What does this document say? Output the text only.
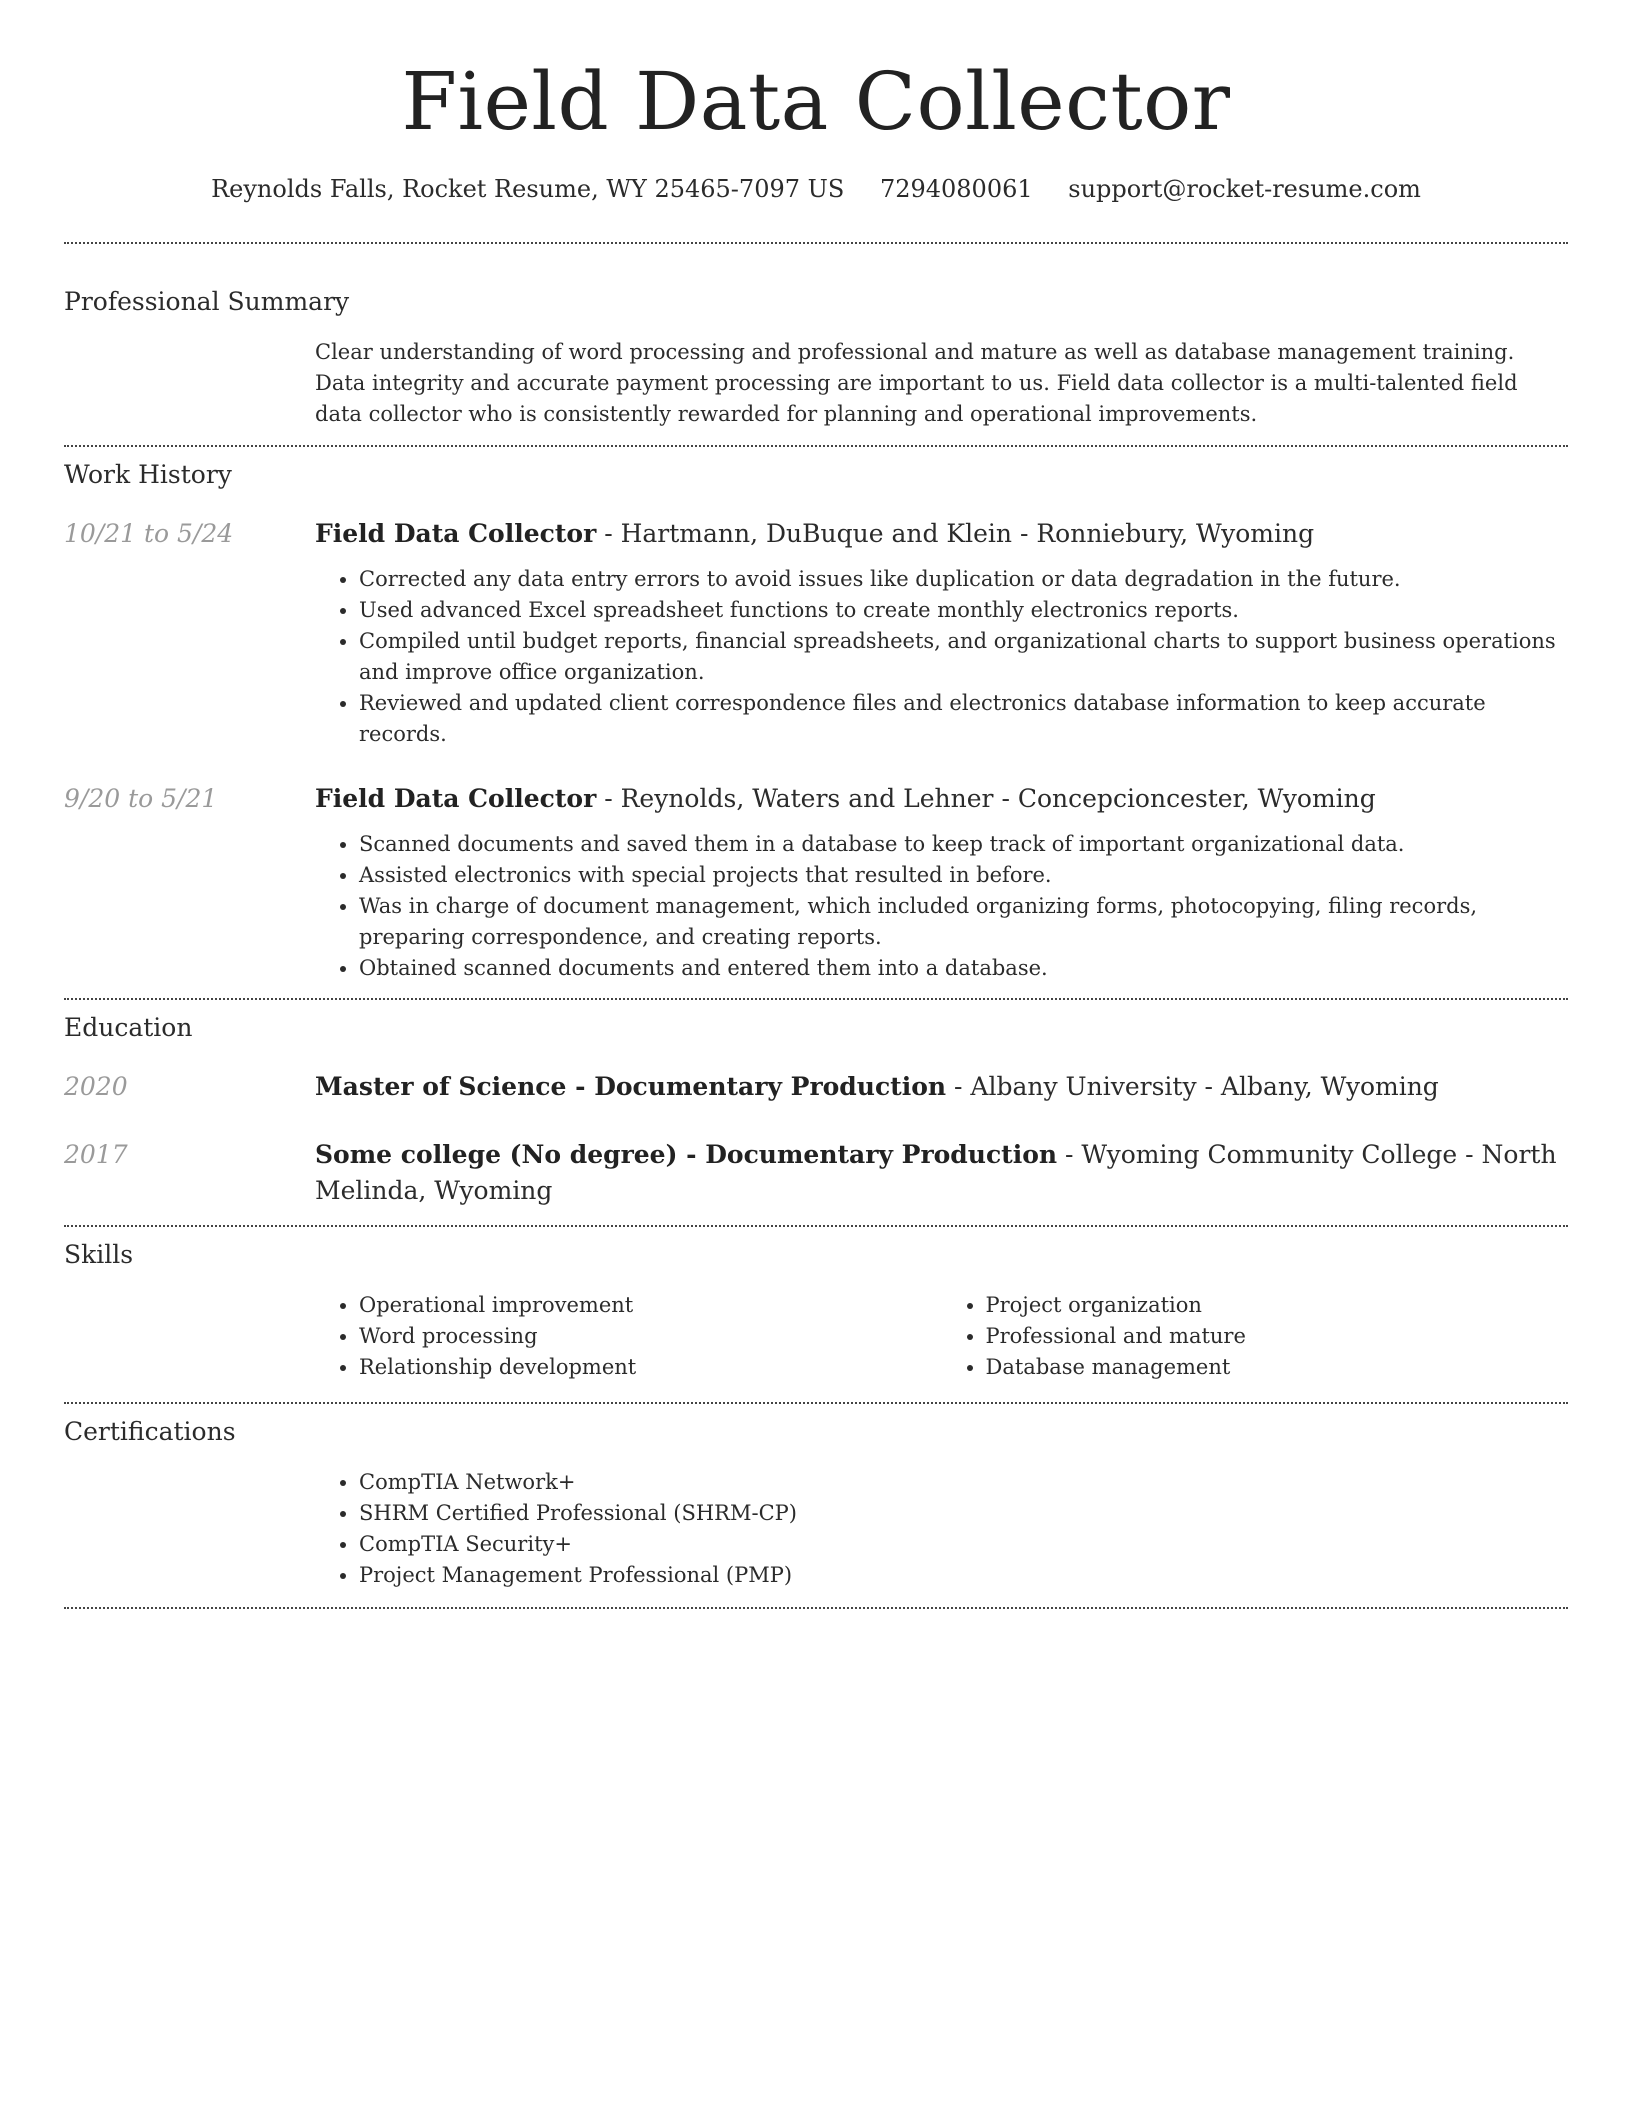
Field Data Collector
Reynolds Falls, Rocket Resume, WY 25465-7097 US 7294080061 support@rocket-resume.com
Professional Summary

Clear understanding of word processing and professional and mature as well as database management training. Data integrity and accurate payment processing are important to us. Field data collector is a multi-talented field data collector who is consistently rewarded for planning and operational improvements.

Work History
10/21 to 5/24	Field Data Collector - Hartmann, DuBuque and Klein - Ronniebury, Wyoming
• Corrected any data entry errors to avoid issues like duplication or data degradation in the future.
• Used advanced Excel spreadsheet functions to create monthly electronics reports.
• Compiled until budget reports, financial spreadsheets, and organizational charts to support business operations and improve office organization.
• Reviewed and updated client correspondence files and electronics database information to keep accurate records.
9/20 to 5/21	Field Data Collector - Reynolds, Waters and Lehner - Concepcioncester, Wyoming
• Scanned documents and saved them in a database to keep track of important organizational data.
• Assisted electronics with special projects that resulted in before.
• Was in charge of document management, which included organizing forms, photocopying, filing records, preparing correspondence, and creating reports.
• Obtained scanned documents and entered them into a database.
Education
2020	Master of Science - Documentary Production - Albany University - Albany, Wyoming
2017	Some college (No degree) - Documentary Production - Wyoming Community College - North Melinda, Wyoming
Skills
• Operational improvement
• Word processing
• Relationship development
• Project organization
• Professional and mature
• Database management
Certifications
• CompTIA Network+
• SHRM Certified Professional (SHRM-CP)
• CompTIA Security+
• Project Management Professional (PMP)
